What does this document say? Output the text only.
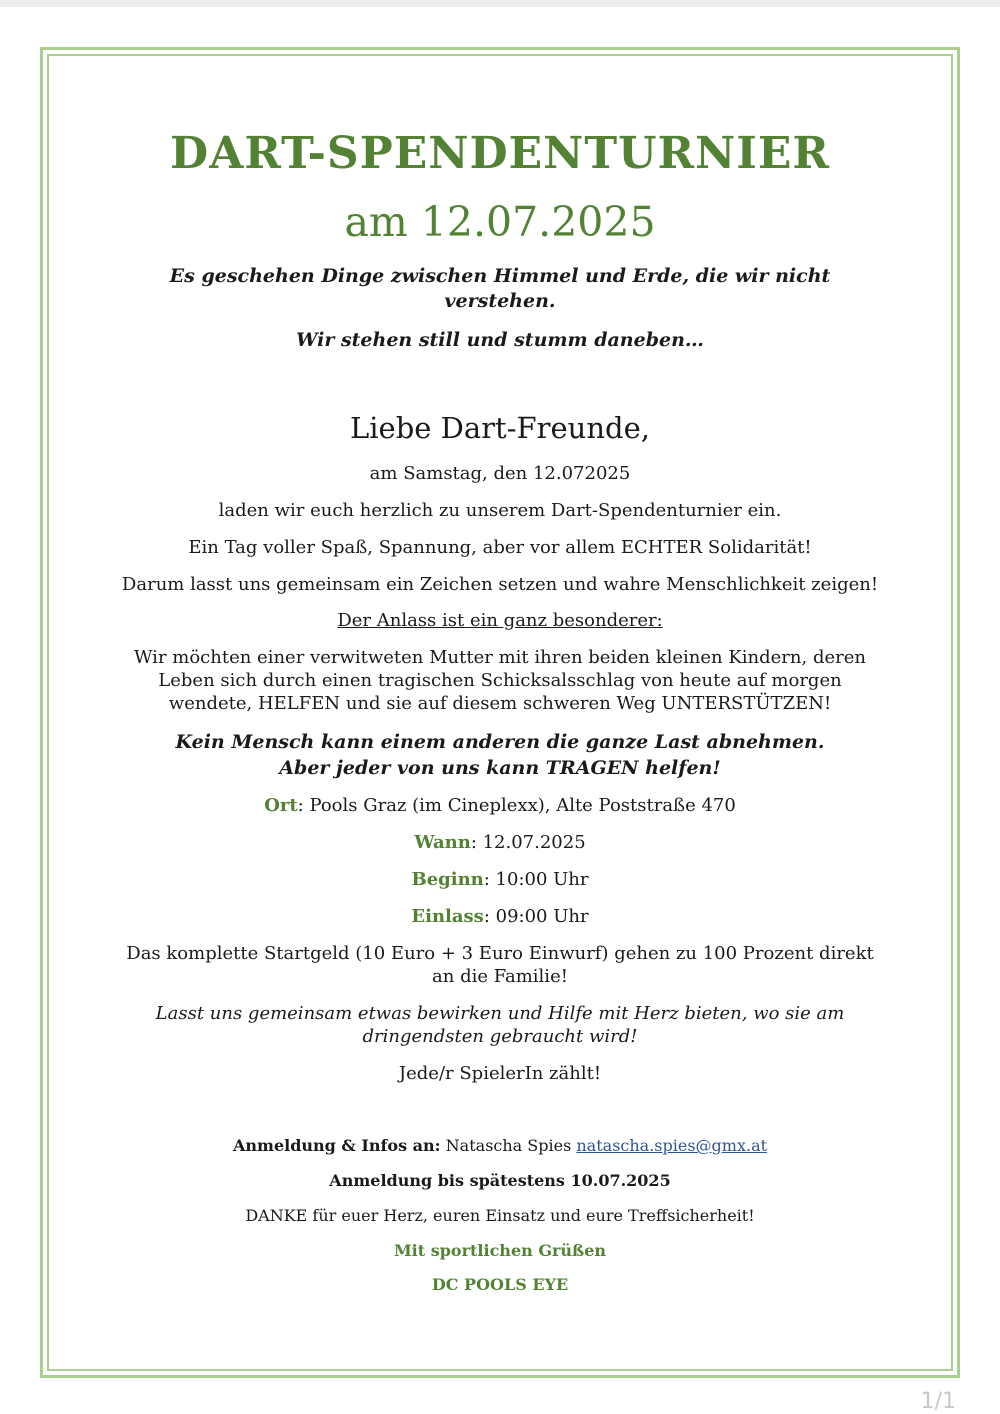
DART-SPENDENTURNIER
am 12.07.2025
Es geschehen Dinge zwischen Himmel und Erde, die wir nicht verstehen.
Wir stehen still und stumm daneben…
Liebe Dart-Freunde,
am Samstag, den 12.072025
laden wir euch herzlich zu unserem Dart-Spendenturnier ein.
Ein Tag voller Spaß, Spannung, aber vor allem ECHTER Solidarität!
Darum lasst uns gemeinsam ein Zeichen setzen und wahre Menschlichkeit zeigen!
Der Anlass ist ein ganz besonderer:
Wir möchten einer verwitweten Mutter mit ihren beiden kleinen Kindern, deren Leben sich durch einen tragischen Schicksalsschlag von heute auf morgen wendete, HELFEN und sie auf diesem schweren Weg UNTERSTÜTZEN!
Kein Mensch kann einem anderen die ganze Last abnehmen.
Aber jeder von uns kann TRAGEN helfen!
Ort: Pools Graz (im Cineplexx), Alte Poststraße 470
Wann: 12.07.2025
Beginn: 10:00 Uhr
Einlass: 09:00 Uhr
Das komplette Startgeld (10 Euro + 3 Euro Einwurf) gehen zu 100 Prozent direkt an die Familie!
Lasst uns gemeinsam etwas bewirken und Hilfe mit Herz bieten, wo sie am dringendsten gebraucht wird!
Jede/r SpielerIn zählt!
Anmeldung & Infos an: Natascha Spies natascha.spies@gmx.at
Anmeldung bis spätestens 10.07.2025
DANKE für euer Herz, euren Einsatz und eure Treffsicherheit!
Mit sportlichen Grüßen
DC POOLS EYE
1/1
